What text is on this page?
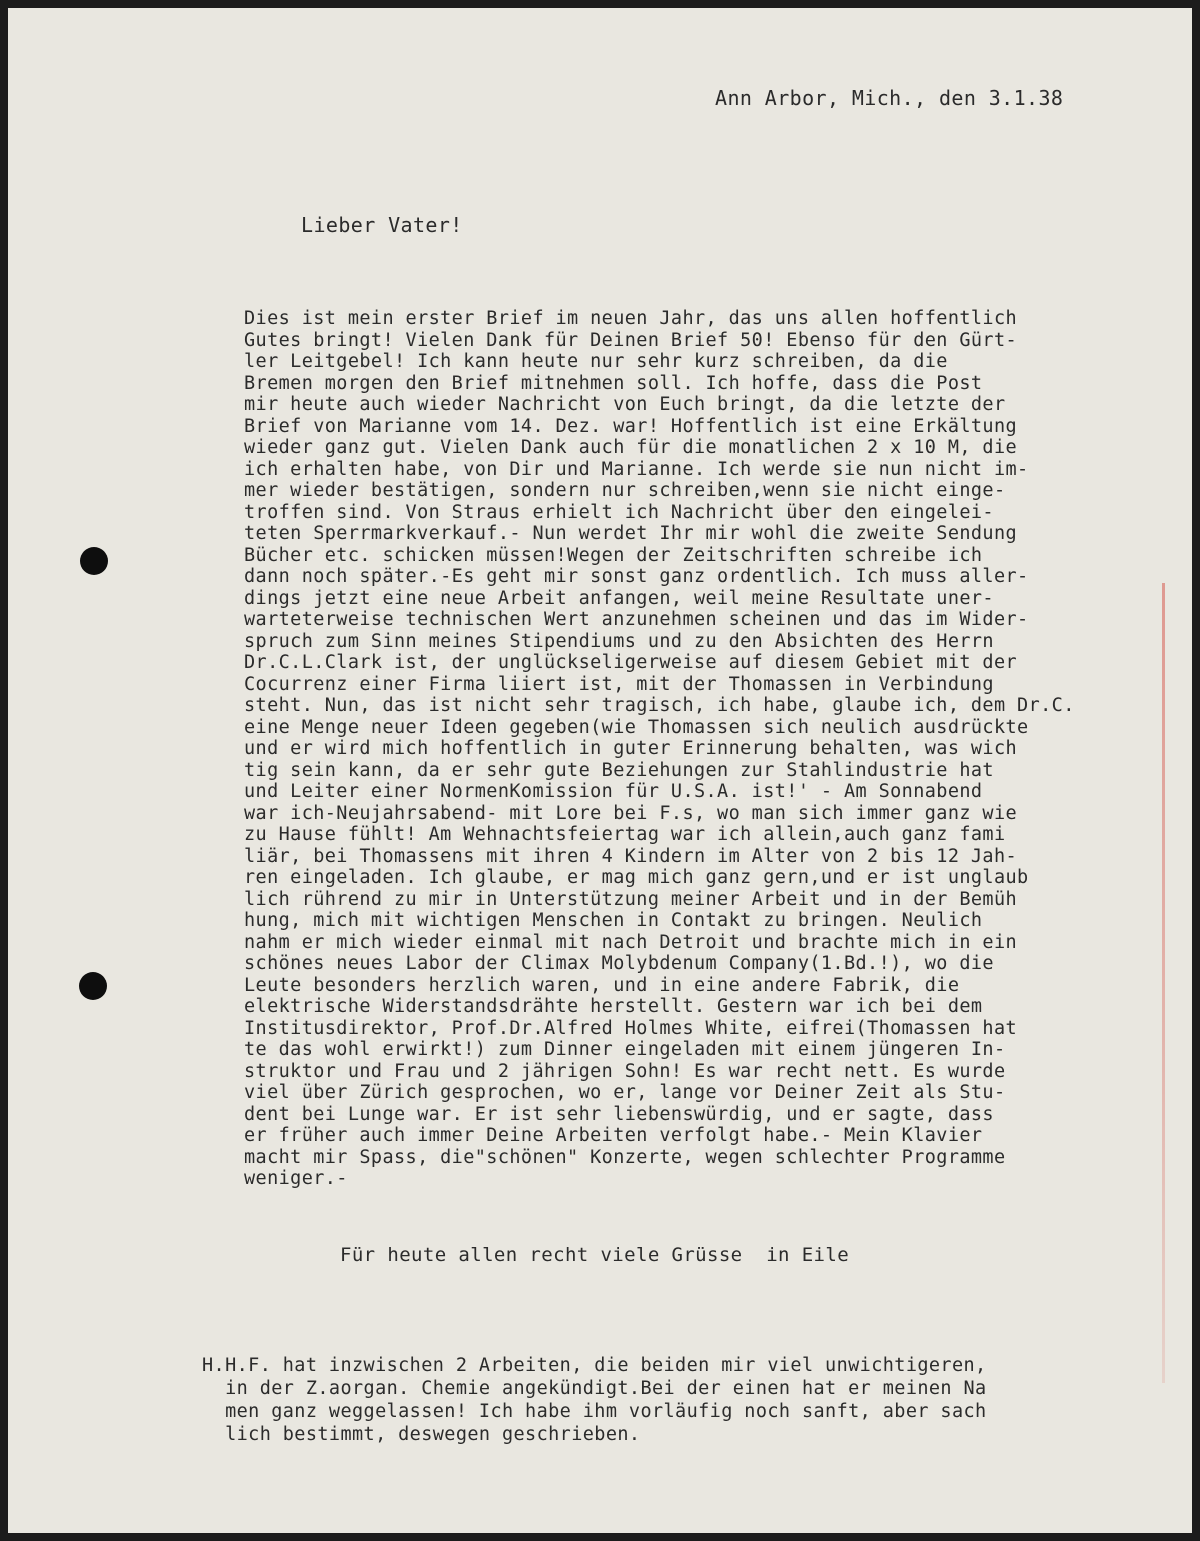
Ann Arbor, Mich., den 3.1.38
Lieber Vater!
Dies ist mein erster Brief im neuen Jahr, das uns allen hoffentlich
Gutes bringt! Vielen Dank für Deinen Brief 50! Ebenso für den Gürt-
ler Leitgebel! Ich kann heute nur sehr kurz schreiben, da die
Bremen morgen den Brief mitnehmen soll. Ich hoffe, dass die Post
mir heute auch wieder Nachricht von Euch bringt, da die letzte der
Brief von Marianne vom 14. Dez. war! Hoffentlich ist eine Erkältung
wieder ganz gut. Vielen Dank auch für die monatlichen 2 x 10 M, die
ich erhalten habe, von Dir und Marianne. Ich werde sie nun nicht im-
mer wieder bestätigen, sondern nur schreiben,wenn sie nicht einge-
troffen sind. Von Straus erhielt ich Nachricht über den eingelei-
teten Sperrmarkverkauf.- Nun werdet Ihr mir wohl die zweite Sendung
Bücher etc. schicken müssen!Wegen der Zeitschriften schreibe ich
dann noch später.-Es geht mir sonst ganz ordentlich. Ich muss aller-
dings jetzt eine neue Arbeit anfangen, weil meine Resultate uner-
warteterweise technischen Wert anzunehmen scheinen und das im Wider-
spruch zum Sinn meines Stipendiums und zu den Absichten des Herrn
Dr.C.L.Clark ist, der unglückseligerweise auf diesem Gebiet mit der
Cocurrenz einer Firma liiert ist, mit der Thomassen in Verbindung
steht. Nun, das ist nicht sehr tragisch, ich habe, glaube ich, dem Dr.C.
eine Menge neuer Ideen gegeben(wie Thomassen sich neulich ausdrückte
und er wird mich hoffentlich in guter Erinnerung behalten, was wich
tig sein kann, da er sehr gute Beziehungen zur Stahlindustrie hat
und Leiter einer NormenKomission für U.S.A. ist!' - Am Sonnabend
war ich-Neujahrsabend- mit Lore bei F.s, wo man sich immer ganz wie
zu Hause fühlt! Am Wehnachtsfeiertag war ich allein,auch ganz fami
liär, bei Thomassens mit ihren 4 Kindern im Alter von 2 bis 12 Jah-
ren eingeladen. Ich glaube, er mag mich ganz gern,und er ist unglaub
lich rührend zu mir in Unterstützung meiner Arbeit und in der Bemüh
hung, mich mit wichtigen Menschen in Contakt zu bringen. Neulich
nahm er mich wieder einmal mit nach Detroit und brachte mich in ein
schönes neues Labor der Climax Molybdenum Company(1.Bd.!), wo die
Leute besonders herzlich waren, und in eine andere Fabrik, die
elektrische Widerstandsdrähte herstellt. Gestern war ich bei dem
Institusdirektor, Prof.Dr.Alfred Holmes White, eifrei(Thomassen hat
te das wohl erwirkt!) zum Dinner eingeladen mit einem jüngeren In-
struktor und Frau und 2 jährigen Sohn! Es war recht nett. Es wurde
viel über Zürich gesprochen, wo er, lange vor Deiner Zeit als Stu-
dent bei Lunge war. Er ist sehr liebenswürdig, und er sagte, dass
er früher auch immer Deine Arbeiten verfolgt habe.- Mein Klavier
macht mir Spass, die"schönen" Konzerte, wegen schlechter Programme
weniger.-
Für heute allen recht viele Grüsse  in Eile
H.H.F. hat inzwischen 2 Arbeiten, die beiden mir viel unwichtigeren,
in der Z.aorgan. Chemie angekündigt.Bei der einen hat er meinen Na
men ganz weggelassen! Ich habe ihm vorläufig noch sanft, aber sach
lich bestimmt, deswegen geschrieben.
